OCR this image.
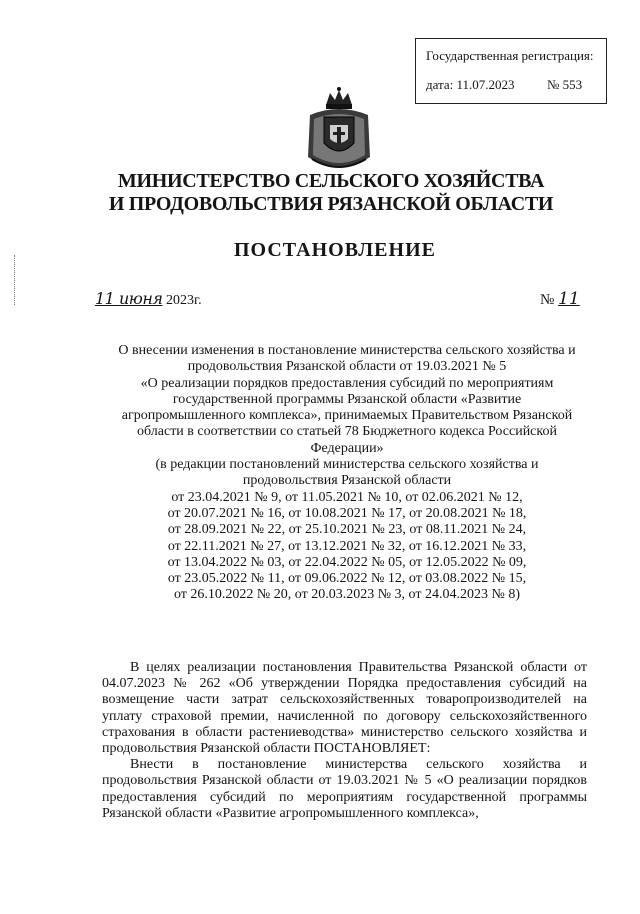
Государственная регистрация:
дата: 11.07.2023 № 553
МИНИСТЕРСТВО СЕЛЬСКОГО ХОЗЯЙСТВА
И ПРОДОВОЛЬСТВИЯ РЯЗАНСКОЙ ОБЛАСТИ
ПОСТАНОВЛЕНИЕ
11 июня 2023г.	№ 11
О внесении изменения в постановление министерства сельского хозяйства и
продовольствия Рязанской области от 19.03.2021 № 5
«О реализации порядков предоставления субсидий по мероприятиям
государственной программы Рязанской области «Развитие
агропромышленного комплекса», принимаемых Правительством Рязанской
области в соответствии со статьей 78 Бюджетного кодекса Российской
Федерации»
(в редакции постановлений министерства сельского хозяйства и
продовольствия Рязанской области
от 23.04.2021 № 9, от 11.05.2021 № 10, от 02.06.2021 № 12,
от 20.07.2021 № 16, от 10.08.2021 № 17, от 20.08.2021 № 18,
от 28.09.2021 № 22, от 25.10.2021 № 23, от 08.11.2021 № 24,
от 22.11.2021 № 27, от 13.12.2021 № 32, от 16.12.2021 № 33,
от 13.04.2022 № 03, от 22.04.2022 № 05, от 12.05.2022 № 09,
от 23.05.2022 № 11, от 09.06.2022 № 12, от 03.08.2022 № 15,
от 26.10.2022 № 20, от 20.03.2023 № 3, от 24.04.2023 № 8)

В целях реализации постановления Правительства Рязанской области от 04.07.2023 № 262 «Об утверждении Порядка предоставления субсидий на возмещение части затрат сельскохозяйственных товаропроизводителей на уплату страховой премии, начисленной по договору сельскохозяйственного страхования в области растениеводства» министерство сельского хозяйства и продовольствия Рязанской области ПОСТАНОВЛЯЕТ:

Внести в постановление министерства сельского хозяйства и продовольствия Рязанской области от 19.03.2021 № 5 «О реализации порядков предоставления субсидий по мероприятиям государственной программы Рязанской области «Развитие агропромышленного комплекса»,
